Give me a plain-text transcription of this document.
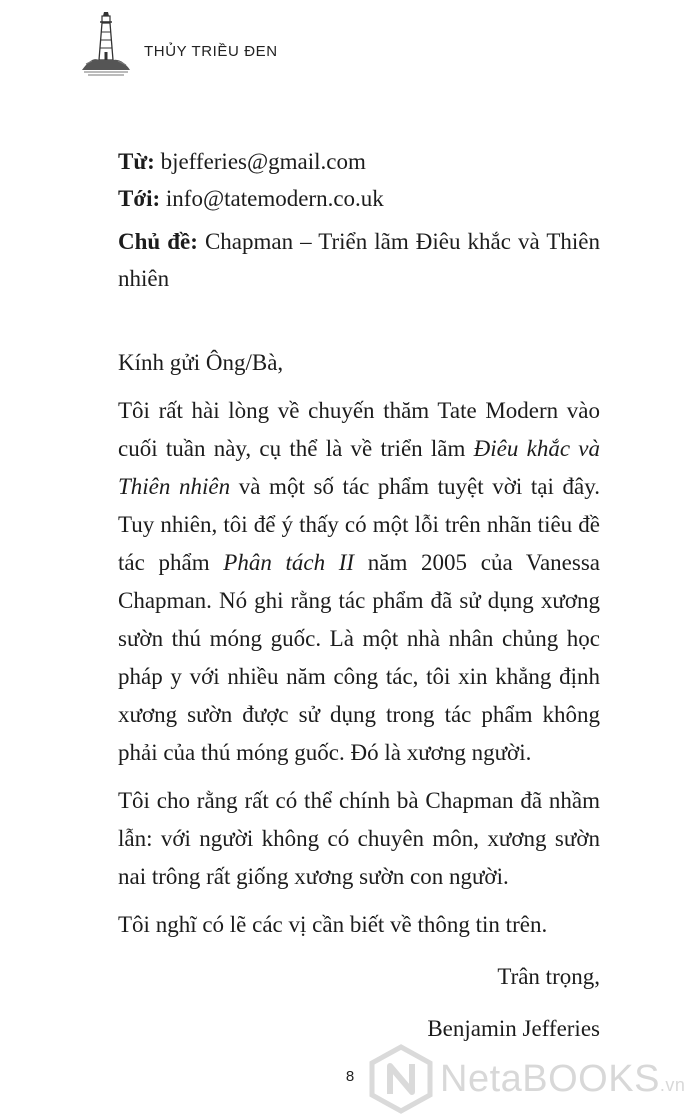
THỦY TRIỀU ĐEN
Từ: bjefferies@gmail.com
Tới: info@tatemodern.co.uk
Chủ đề: Chapman – Triển lãm Điêu khắc và Thiên nhiên

Kính gửi Ông/Bà,

Tôi rất hài lòng về chuyến thăm Tate Modern vào cuối tuần này, cụ thể là về triển lãm Điêu khắc và Thiên nhiên và một số tác phẩm tuyệt vời tại đây. Tuy nhiên, tôi để ý thấy có một lỗi trên nhãn tiêu đề tác phẩm Phân tách II năm 2005 của Vanessa Chapman. Nó ghi rằng tác phẩm đã sử dụng xương sườn thú móng guốc. Là một nhà nhân chủng học pháp y với nhiều năm công tác, tôi xin khẳng định xương sườn được sử dụng trong tác phẩm không phải của thú móng guốc. Đó là xương người.

Tôi cho rằng rất có thể chính bà Chapman đã nhầm lẫn: với người không có chuyên môn, xương sườn nai trông rất giống xương sườn con người.

Tôi nghĩ có lẽ các vị cần biết về thông tin trên.

Trân trọng,

Benjamin Jefferies

8	NetaBOOKS.vn
